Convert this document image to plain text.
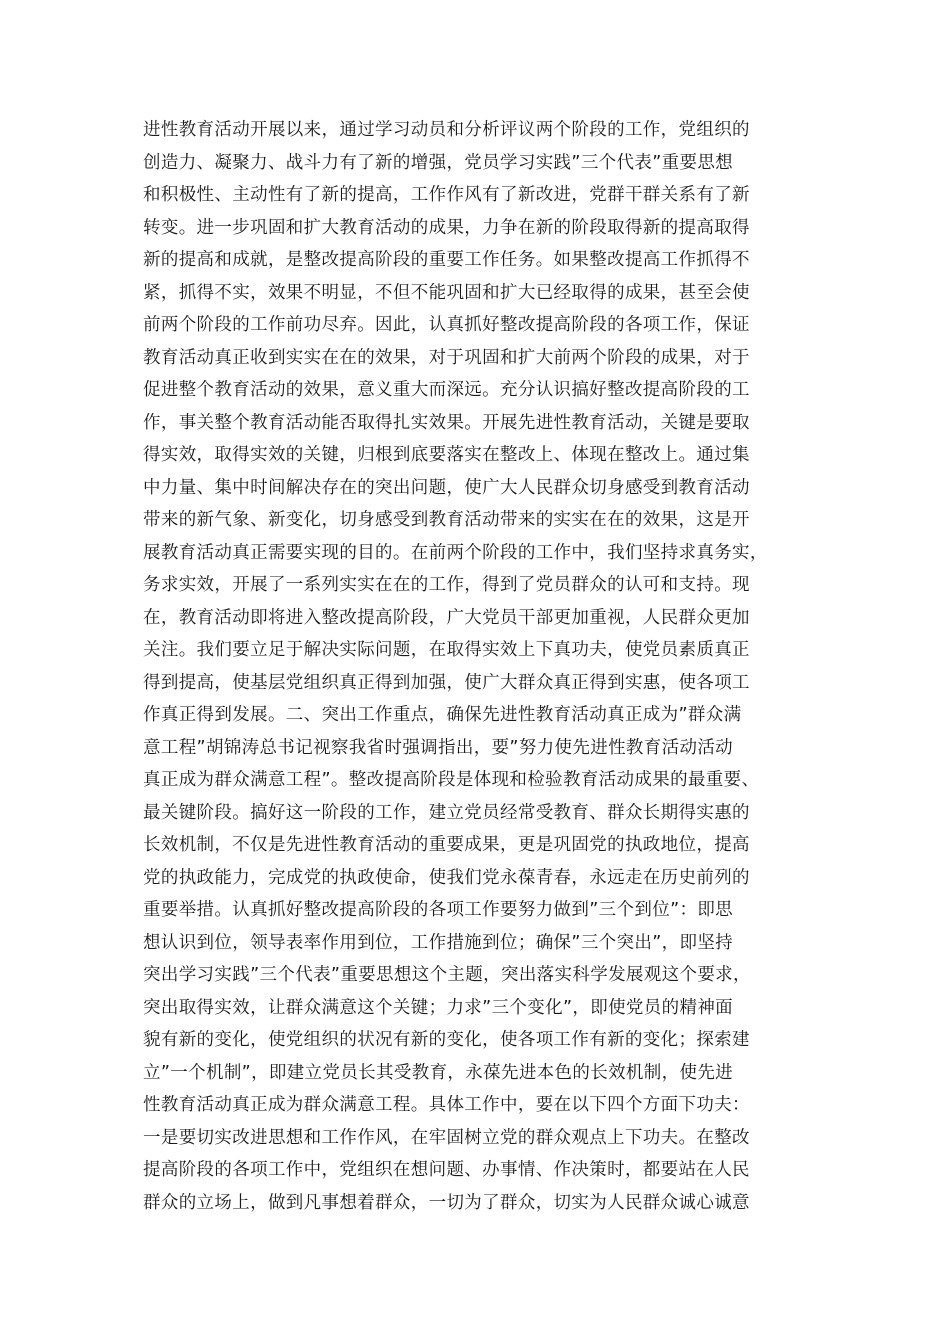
进性教育活动开展以来，通过学习动员和分析评议两个阶段的工作，党组织的
创造力、凝聚力、战斗力有了新的增强，党员学习实践”三个代表”重要思想
和积极性、主动性有了新的提高，工作作风有了新改进，党群干群关系有了新
转变。进一步巩固和扩大教育活动的成果，力争在新的阶段取得新的提高取得
新的提高和成就，是整改提高阶段的重要工作任务。如果整改提高工作抓得不
紧，抓得不实，效果不明显，不但不能巩固和扩大已经取得的成果，甚至会使
前两个阶段的工作前功尽弃。因此，认真抓好整改提高阶段的各项工作，保证
教育活动真正收到实实在在的效果，对于巩固和扩大前两个阶段的成果，对于
促进整个教育活动的效果，意义重大而深远。充分认识搞好整改提高阶段的工
作，事关整个教育活动能否取得扎实效果。开展先进性教育活动，关键是要取
得实效，取得实效的关键，归根到底要落实在整改上、体现在整改上。通过集
中力量、集中时间解决存在的突出问题，使广大人民群众切身感受到教育活动
带来的新气象、新变化，切身感受到教育活动带来的实实在在的效果，这是开
展教育活动真正需要实现的目的。在前两个阶段的工作中，我们坚持求真务实，
务求实效，开展了一系列实实在在的工作，得到了党员群众的认可和支持。现
在，教育活动即将进入整改提高阶段，广大党员干部更加重视，人民群众更加
关注。我们要立足于解决实际问题，在取得实效上下真功夫，使党员素质真正
得到提高，使基层党组织真正得到加强，使广大群众真正得到实惠，使各项工
作真正得到发展。二、突出工作重点，确保先进性教育活动真正成为”群众满
意工程”胡锦涛总书记视察我省时强调指出，要”努力使先进性教育活动活动
真正成为群众满意工程”。整改提高阶段是体现和检验教育活动成果的最重要、
最关键阶段。搞好这一阶段的工作，建立党员经常受教育、群众长期得实惠的
长效机制，不仅是先进性教育活动的重要成果，更是巩固党的执政地位，提高
党的执政能力，完成党的执政使命，使我们党永葆青春，永远走在历史前列的
重要举措。认真抓好整改提高阶段的各项工作要努力做到”三个到位”：即思
想认识到位，领导表率作用到位，工作措施到位；确保”三个突出”，即坚持
突出学习实践”三个代表”重要思想这个主题，突出落实科学发展观这个要求，
突出取得实效，让群众满意这个关键；力求”三个变化”，即使党员的精神面
貌有新的变化，使党组织的状况有新的变化，使各项工作有新的变化；探索建
立”一个机制”，即建立党员长其受教育，永葆先进本色的长效机制，使先进
性教育活动真正成为群众满意工程。具体工作中，要在以下四个方面下功夫：
一是要切实改进思想和工作作风，在牢固树立党的群众观点上下功夫。在整改
提高阶段的各项工作中，党组织在想问题、办事情、作决策时，都要站在人民
群众的立场上，做到凡事想着群众，一切为了群众，切实为人民群众诚心诚意
